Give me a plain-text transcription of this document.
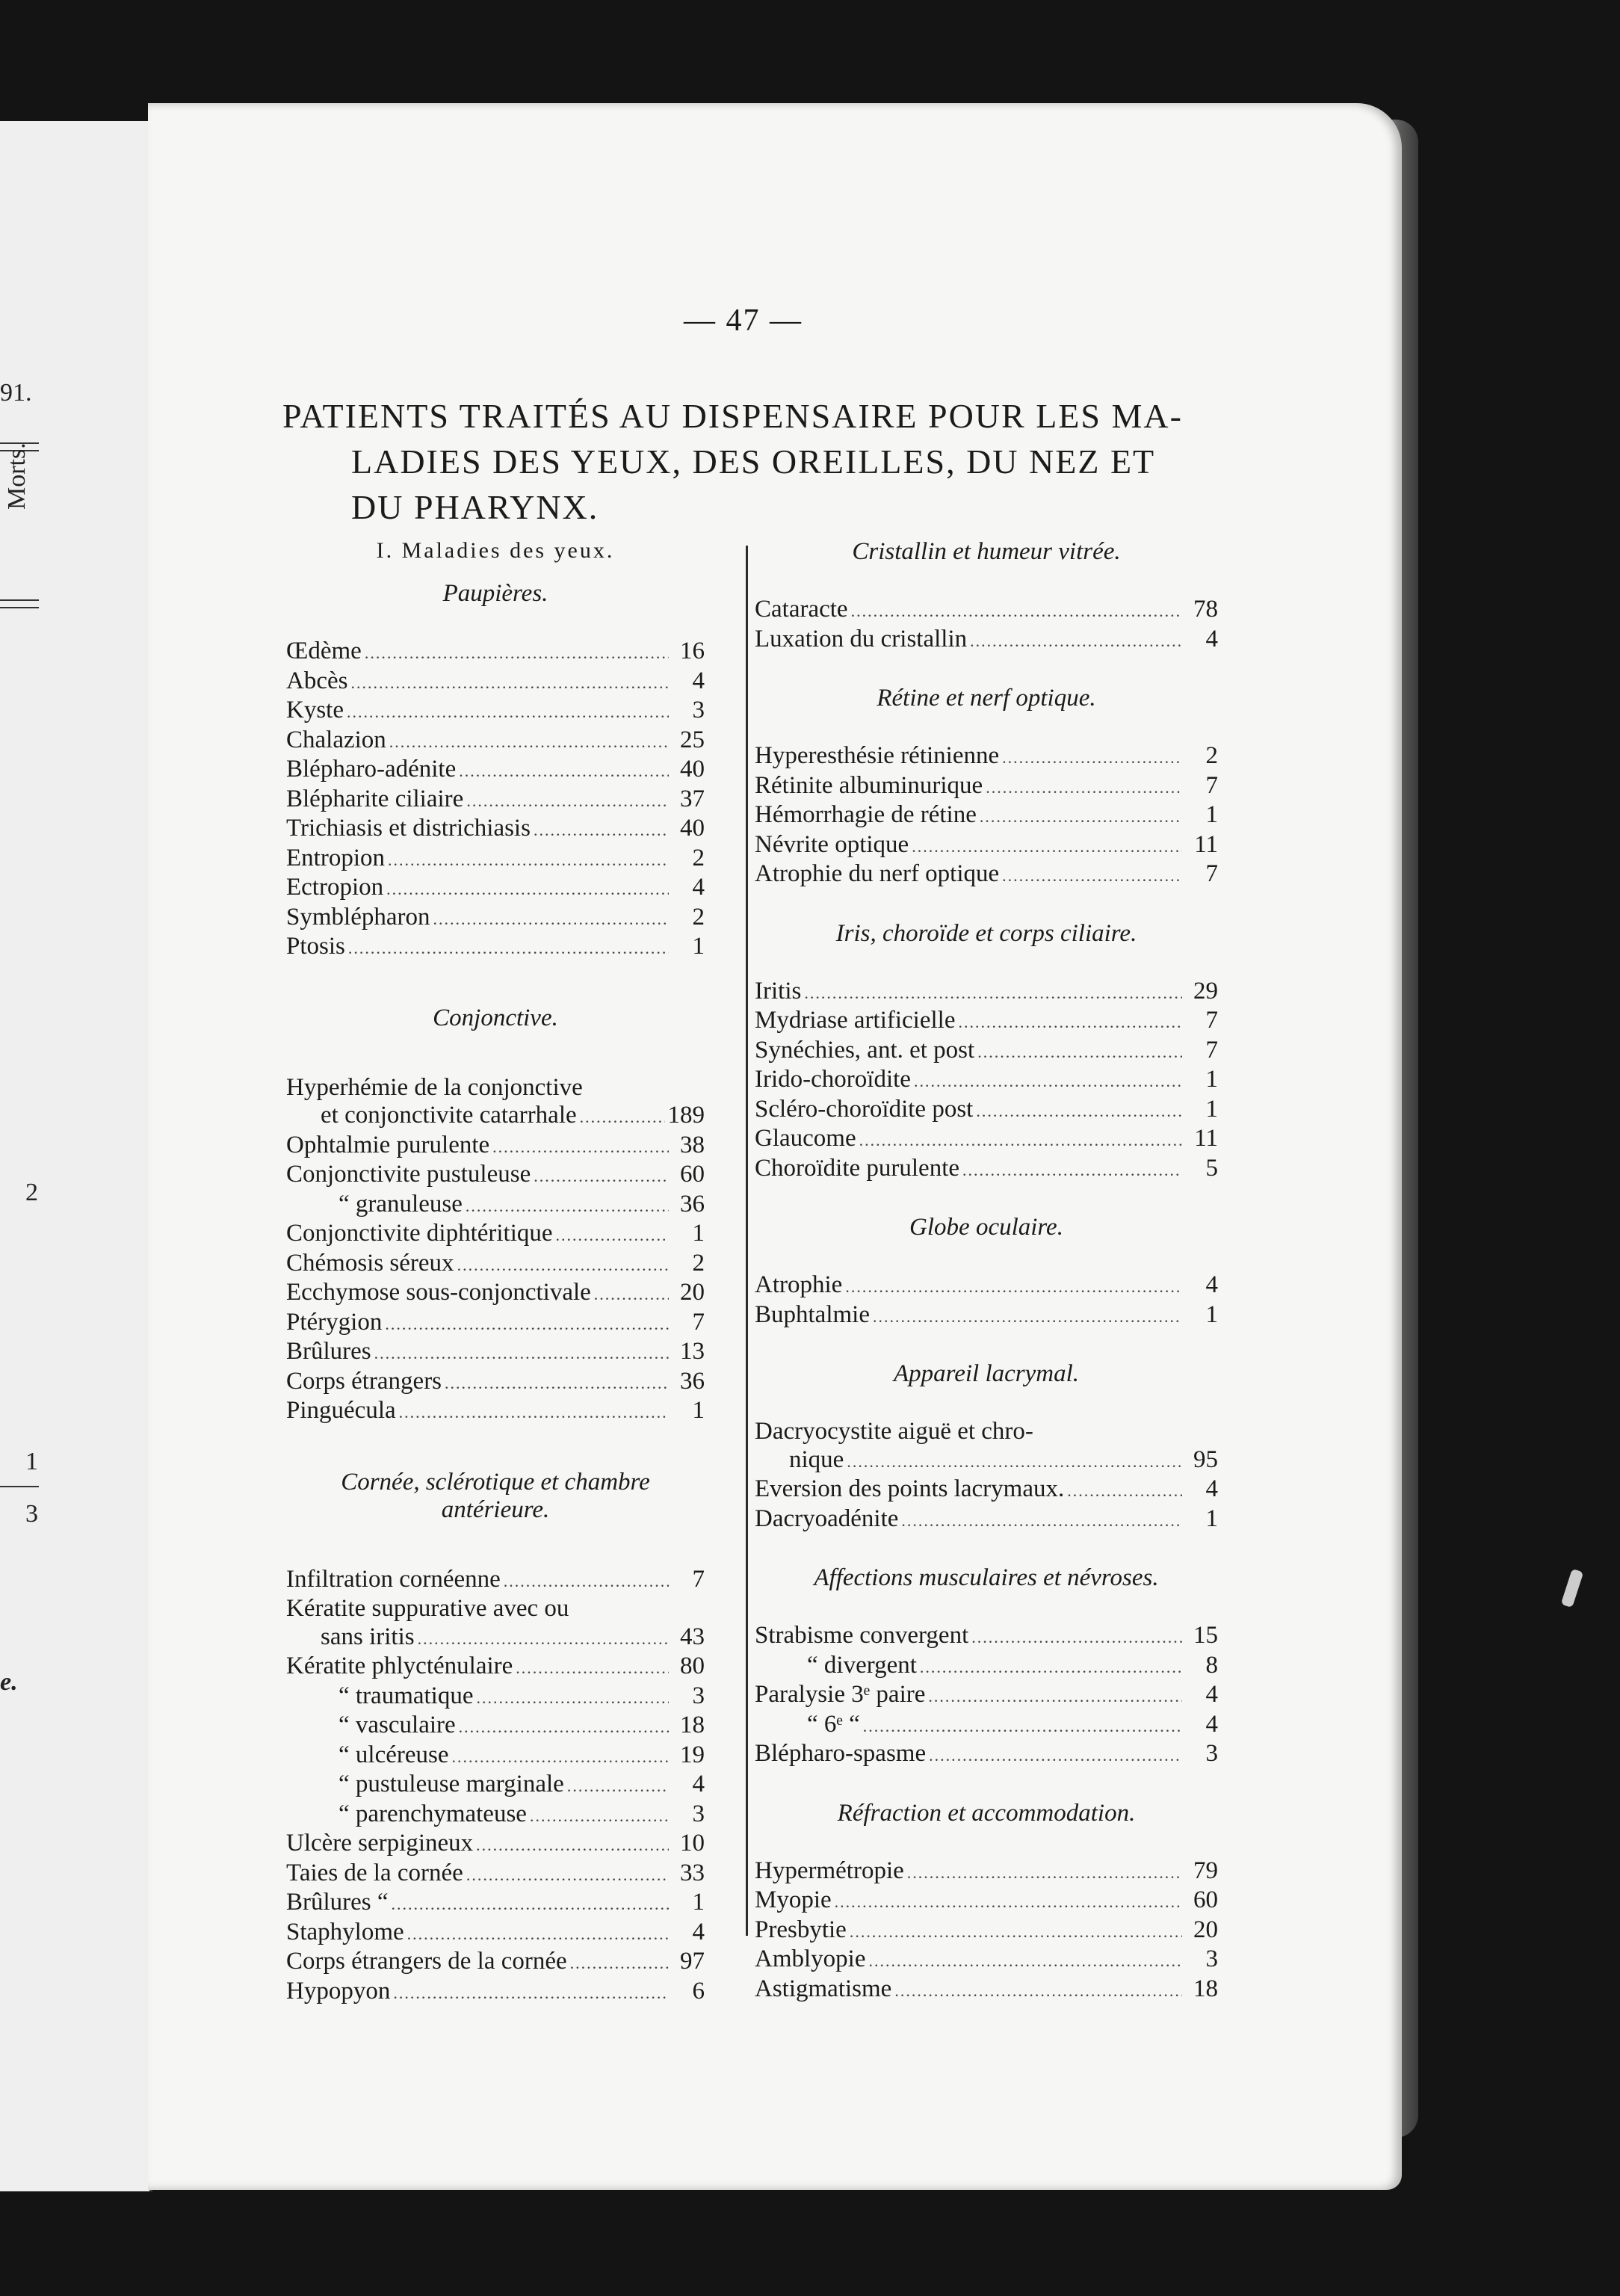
91.
Morts.
2
1
3
e.
— 47 —
PATIENTS TRAITÉS AU DISPENSAIRE POUR LES MA-
LADIES DES YEUX, DES OREILLES, DU NEZ ET
DU PHARYNX.
I. Maladies des yeux.
Paupières.
Œdème .....	16
Abcès .....	4
Kyste .....	3
Chalazion .....	25
Blépharo-adénite .....	40
Blépharite ciliaire .....	37
Trichiasis et districhiasis .....	40
Entropion .....	2
Ectropion .....	4
Symblépharon .....	2
Ptosis .....	1
Conjonctive.
Hyperhémie de la conjonctive
et conjonctivite catarrhale .....	189
Ophtalmie purulente .....	38
Conjonctivite pustuleuse .....	60
“ granuleuse .....	36
Conjonctivite diphtéritique .....	1
Chémosis séreux .....	2
Ecchymose sous-conjonctivale .....	20
Ptérygion .....	7
Brûlures .....	13
Corps étrangers .....	36
Pinguécula .....	1
Cornée, sclérotique et chambre
antérieure.
Infiltration cornéenne .....	7
Kératite suppurative avec ou
sans iritis .....	43
Kératite phlycténulaire .....	80
“ traumatique .....	3
“ vasculaire .....	18
“ ulcéreuse .....	19
“ pustuleuse marginale .....	4
“ parenchymateuse .....	3
Ulcère serpigineux .....	10
Taies de la cornée .....	33
Brûlures “ .....	1
Staphylome .....	4
Corps étrangers de la cornée .....	97
Hypopyon .....	6
Cristallin et humeur vitrée.
Cataracte .....	78
Luxation du cristallin .....	4
Rétine et nerf optique.
Hyperesthésie rétinienne .....	2
Rétinite albuminurique .....	7
Hémorrhagie de rétine .....	1
Névrite optique .....	11
Atrophie du nerf optique .....	7
Iris, choroïde et corps ciliaire.
Iritis .....	29
Mydriase artificielle .....	7
Synéchies, ant. et post .....	7
Irido-choroïdite .....	1
Scléro-choroïdite post .....	1
Glaucome .....	11
Choroïdite purulente .....	5
Globe oculaire.
Atrophie .....	4
Buphtalmie .....	1
Appareil lacrymal.
Dacryocystite aiguë et chro-
nique .....	95
Eversion des points lacrymaux. .....	4
Dacryoadénite .....	1
Affections musculaires et névroses.
Strabisme convergent .....	15
“ divergent .....	8
Paralysie 3ᵉ paire .....	4
“ 6ᵉ “ .....	4
Blépharo-spasme .....	3
Réfraction et accommodation.
Hypermétropie .....	79
Myopie .....	60
Presbytie .....	20
Amblyopie .....	3
Astigmatisme .....	18
